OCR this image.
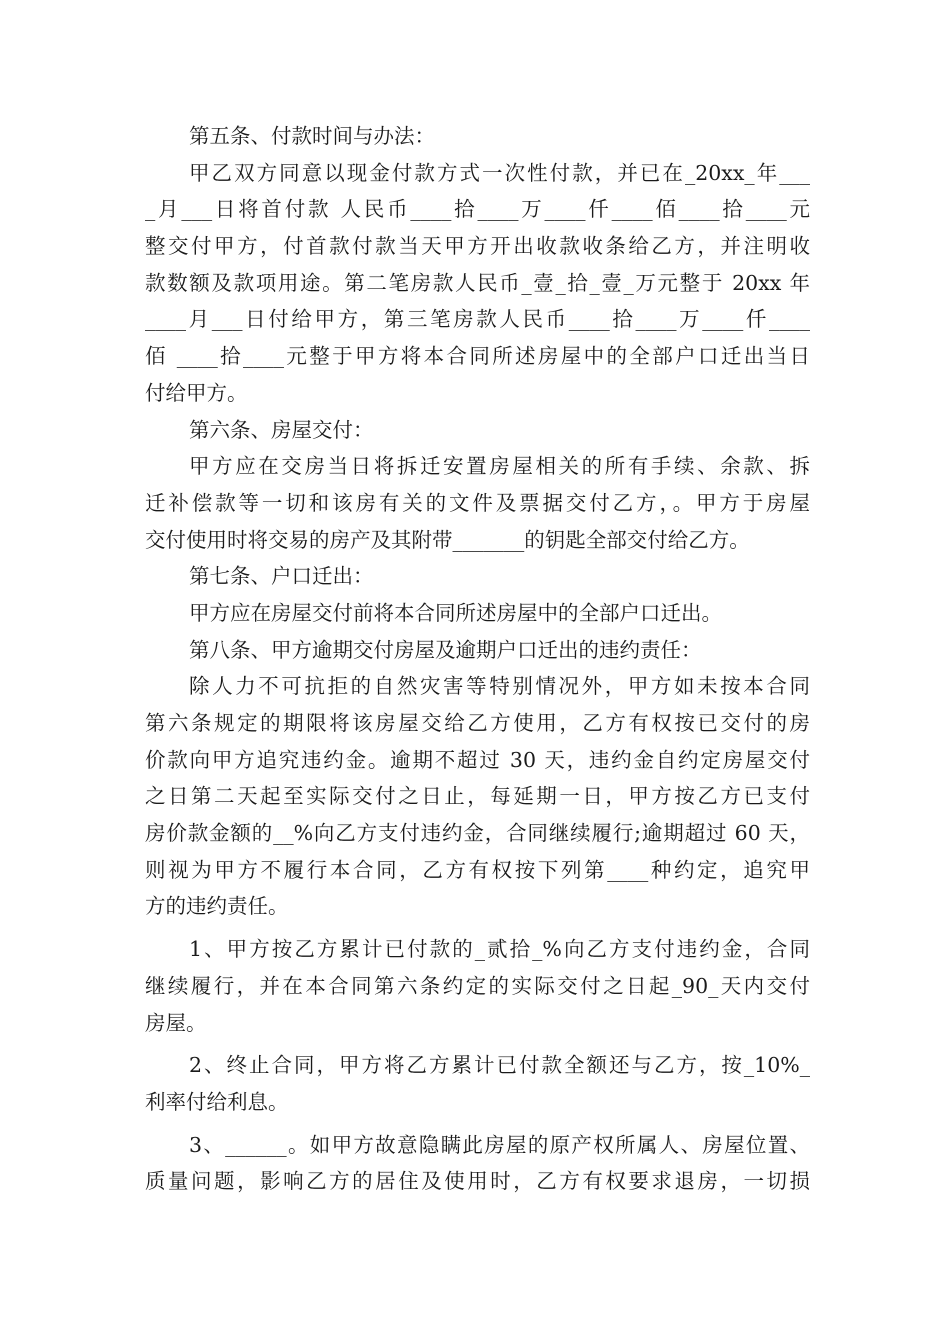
第五条、付款时间与办法：
甲乙双方同意以现金付款方式一次性付款，并已在_20xx_年___
_月___日将首付款 人民币____拾____万____仟____佰____拾____元
整交付甲方，付首款付款当天甲方开出收款收条给乙方，并注明收
款数额及款项用途。第二笔房款人民币_壹_拾_壹_万元整于 20xx 年
____月___日付给甲方，第三笔房款人民币____拾____万____仟____
佰 ____拾____元整于甲方将本合同所述房屋中的全部户口迁出当日
付给甲方。
第六条、房屋交付：
甲方应在交房当日将拆迁安置房屋相关的所有手续、余款、拆
迁补偿款等一切和该房有关的文件及票据交付乙方，。甲方于房屋
交付使用时将交易的房产及其附带_______的钥匙全部交付给乙方。
第七条、户口迁出：
甲方应在房屋交付前将本合同所述房屋中的全部户口迁出。
第八条、甲方逾期交付房屋及逾期户口迁出的违约责任：
除人力不可抗拒的自然灾害等特别情况外，甲方如未按本合同
第六条规定的期限将该房屋交给乙方使用，乙方有权按已交付的房
价款向甲方追究违约金。逾期不超过 30 天，违约金自约定房屋交付
之日第二天起至实际交付之日止，每延期一日，甲方按乙方已支付
房价款金额的__%向乙方支付违约金，合同继续履行;逾期超过 60 天，
则视为甲方不履行本合同，乙方有权按下列第____种约定，追究甲
方的违约责任。
1、甲方按乙方累计已付款的_贰拾_%向乙方支付违约金，合同
继续履行，并在本合同第六条约定的实际交付之日起_90_天内交付
房屋。
2、终止合同，甲方将乙方累计已付款全额还与乙方，按_10%_
利率付给利息。
3、______。如甲方故意隐瞒此房屋的原产权所属人、房屋位置、
质量问题，影响乙方的居住及使用时，乙方有权要求退房，一切损
